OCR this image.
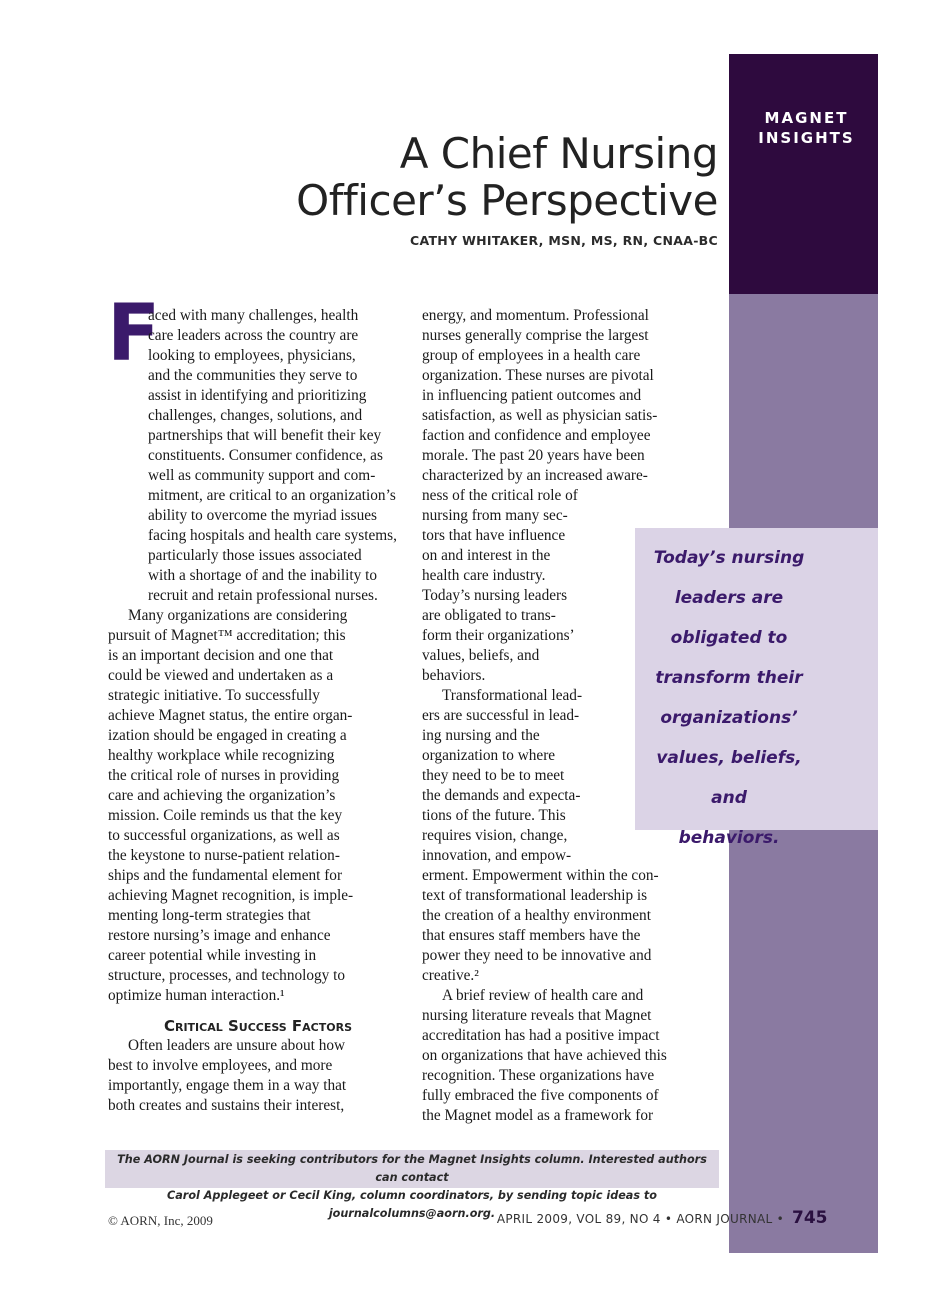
MAGNET
INSIGHTS
A Chief Nursing
Officer’s Perspective
CATHY WHITAKER, MSN, MS, RN, CNAA-BC
F

aced with many challenges, health
care leaders across the country are
looking to employees, physicians,
and the communities they serve to
assist in identifying and prioritizing
challenges, changes, solutions, and
partnerships that will benefit their key
constituents. Consumer confidence, as
well as community support and com-
mitment, are critical to an organization’s
ability to overcome the myriad issues
facing hospitals and health care systems,
particularly those issues associated
with a shortage of and the inability to
recruit and retain professional nurses.

Many organizations are considering
pursuit of Magnet™ accreditation; this
is an important decision and one that
could be viewed and undertaken as a
strategic initiative. To successfully
achieve Magnet status, the entire organ-
ization should be engaged in creating a
healthy workplace while recognizing
the critical role of nurses in providing
care and achieving the organization’s
mission. Coile reminds us that the key
to successful organizations, as well as
the keystone to nurse-patient relation-
ships and the fundamental element for
achieving Magnet recognition, is imple-
menting long-term strategies that
restore nursing’s image and enhance
career potential while investing in
structure, processes, and technology to
optimize human interaction.¹

Critical Success Factors

Often leaders are unsure about how
best to involve employees, and more
importantly, engage them in a way that
both creates and sustains their interest,

energy, and momentum. Professional
nurses generally comprise the largest
group of employees in a health care
organization. These nurses are pivotal
in influencing patient outcomes and
satisfaction, as well as physician satis-
faction and confidence and employee
morale. The past 20 years have been
characterized by an increased aware-
ness of the critical role of
nursing from many sec-
tors that have influence
on and interest in the
health care industry.
Today’s nursing leaders
are obligated to trans-
form their organizations’
values, beliefs, and
behaviors.

Transformational lead-
ers are successful in lead-
ing nursing and the
organization to where
they need to be to meet
the demands and expecta-
tions of the future. This
requires vision, change,
innovation, and empow-
erment. Empowerment within the con-
text of transformational leadership is
the creation of a healthy environment
that ensures staff members have the
power they need to be innovative and
creative.²

A brief review of health care and
nursing literature reveals that Magnet
accreditation has had a positive impact
on organizations that have achieved this
recognition. These organizations have
fully embraced the five components of
the Magnet model as a framework for

Today’s nursing
leaders are
obligated to
transform their
organizations’
values, beliefs, and
behaviors.
The AORN Journal is seeking contributors for the Magnet Insights column. Interested authors can contact
Carol Applegeet or Cecil King, column coordinators, by sending topic ideas to journalcolumns@aorn.org.
© AORN, Inc, 2009	APRIL 2009, VOL 89, NO 4 • AORN JOURNAL • 745
